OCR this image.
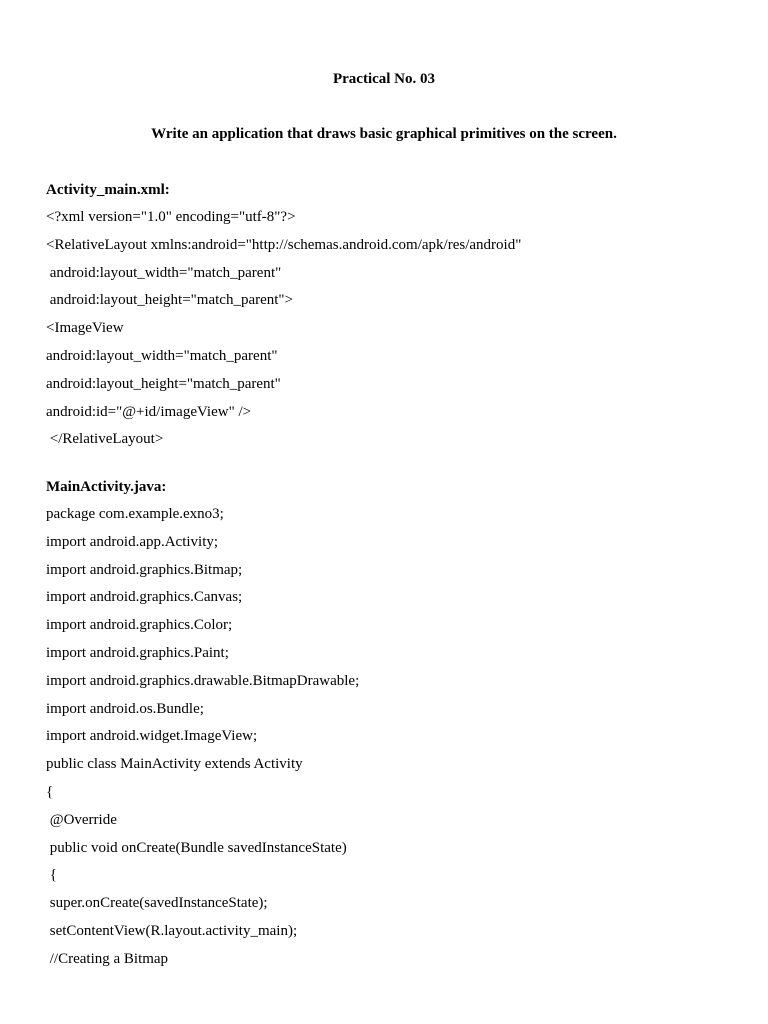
Practical No. 03
Write an application that draws basic graphical primitives on the screen.
Activity_main.xml:
<?xml version="1.0" encoding="utf-8"?>
<RelativeLayout xmlns:android="http://schemas.android.com/apk/res/android"
android:layout_width="match_parent"
android:layout_height="match_parent">
<ImageView
android:layout_width="match_parent"
android:layout_height="match_parent"
android:id="@+id/imageView" />
</RelativeLayout>
MainActivity.java:
package com.example.exno3;
import android.app.Activity;
import android.graphics.Bitmap;
import android.graphics.Canvas;
import android.graphics.Color;
import android.graphics.Paint;
import android.graphics.drawable.BitmapDrawable;
import android.os.Bundle;
import android.widget.ImageView;
public class MainActivity extends Activity
{
@Override
public void onCreate(Bundle savedInstanceState)
{
super.onCreate(savedInstanceState);
setContentView(R.layout.activity_main);
//Creating a Bitmap
